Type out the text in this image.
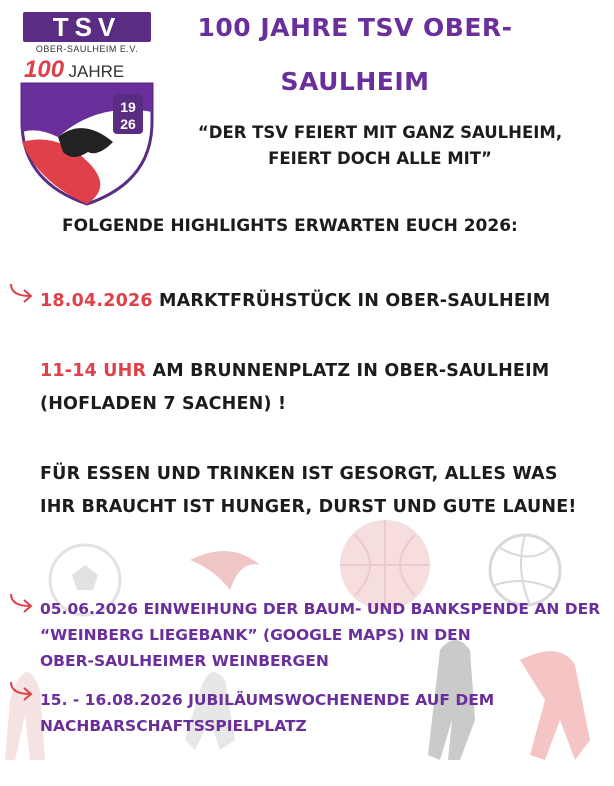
TSV
OBER-SAULHEIM E.V.
100 JAHRE
19
26
100 JAHRE TSV OBER-
SAULHEIM
“DER TSV FEIERT MIT GANZ SAULHEIM,
FEIERT DOCH ALLE MIT”
FOLGENDE HIGHLIGHTS ERWARTEN EUCH 2026:
18.04.2026 MARKTFRÜHSTÜCK IN OBER-SAULHEIM
11-14 UHR AM BRUNNENPLATZ IN OBER-SAULHEIM
(HOFLADEN 7 SACHEN) !
FÜR ESSEN UND TRINKEN IST GESORGT, ALLES WAS
IHR BRAUCHT IST HUNGER, DURST UND GUTE LAUNE!
05.06.2026 EINWEIHUNG DER BAUM- UND BANKSPENDE AN DER
“WEINBERG LIEGEBANK” (GOOGLE MAPS) IN DEN
OBER-SAULHEIMER WEINBERGEN
15. - 16.08.2026 JUBILÄUMSWOCHENENDE AUF DEM
NACHBARSCHAFTSSPIELPLATZ
